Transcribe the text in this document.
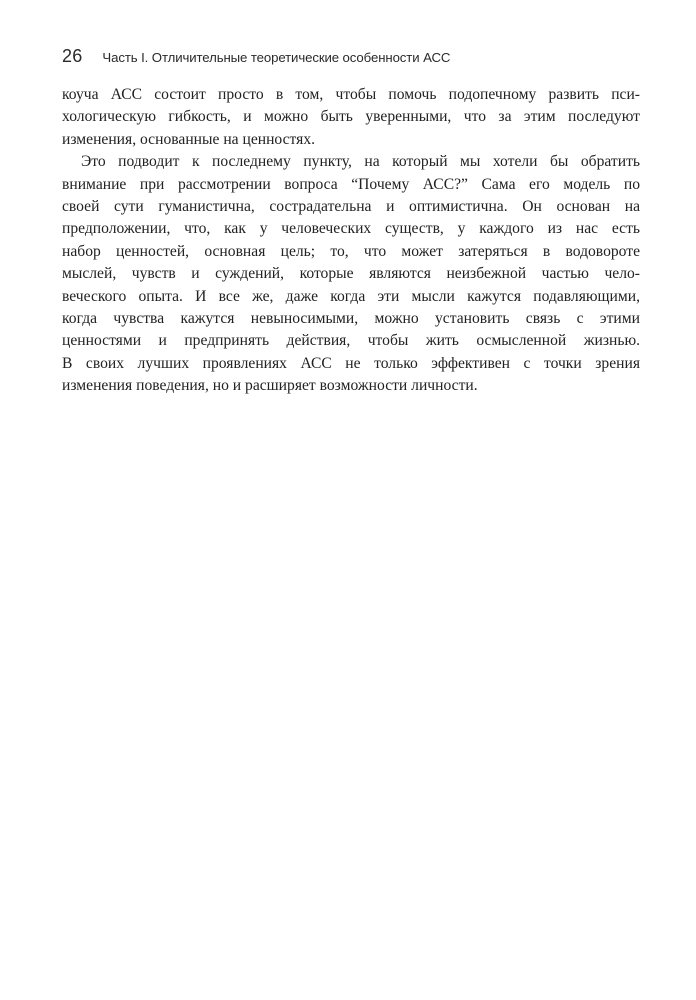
26 Часть I. Отличительные теоретические особенности АСС
коуча АСС состоит просто в том, чтобы помочь подопечному развить пси-
хологическую гибкость, и можно быть уверенными, что за этим последуют
изменения, основанные на ценностях.
Это подводит к последнему пункту, на который мы хотели бы обратить
внимание при рассмотрении вопроса “Почему АСС?” Сама его модель по
своей сути гуманистична, сострадательна и оптимистична. Он основан на
предположении, что, как у человеческих существ, у каждого из нас есть
набор ценностей, основная цель; то, что может затеряться в водовороте
мыслей, чувств и суждений, которые являются неизбежной частью чело-
веческого опыта. И все же, даже когда эти мысли кажутся подавляющими,
когда чувства кажутся невыносимыми, можно установить связь с этими
ценностями и предпринять действия, чтобы жить осмысленной жизнью.
В своих лучших проявлениях АСС не только эффективен с точки зрения
изменения поведения, но и расширяет возможности личности.
